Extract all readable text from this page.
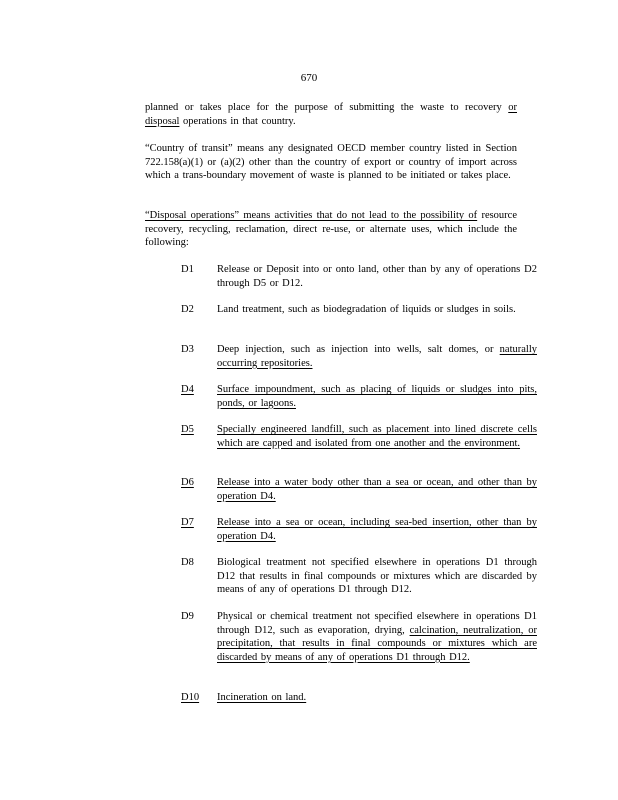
670
planned or takes place for the purpose of submitting the waste to recovery or disposal operations in that country.
“Country of transit” means any designated OECD member country listed in Section 722.158(a)(1) or (a)(2) other than the country of export or country of import across which a trans-boundary movement of waste is planned to be initiated or takes place.
“Disposal operations” means activities that do not lead to the possibility of resource recovery, recycling, reclamation, direct re-use, or alternate uses, which include the following:
D1	Release or Deposit into or onto land, other than by any of operations D2 through D5 or D12.
D2	Land treatment, such as biodegradation of liquids or sludges in soils.
D3	Deep injection, such as injection into wells, salt domes, or naturally occurring repositories.
D4	Surface impoundment, such as placing of liquids or sludges into pits, ponds, or lagoons.
D5	Specially engineered landfill, such as placement into lined discrete cells which are capped and isolated from one another and the environment.
D6	Release into a water body other than a sea or ocean, and other than by operation D4.
D7	Release into a sea or ocean, including sea-bed insertion, other than by operation D4.
D8	Biological treatment not specified elsewhere in operations D1 through D12 that results in final compounds or mixtures which are discarded by means of any of operations D1 through D12.
D9	Physical or chemical treatment not specified elsewhere in operations D1 through D12, such as evaporation, drying, calcination, neutralization, or precipitation, that results in final compounds or mixtures which are discarded by means of any of operations D1 through D12.
D10	Incineration on land.
